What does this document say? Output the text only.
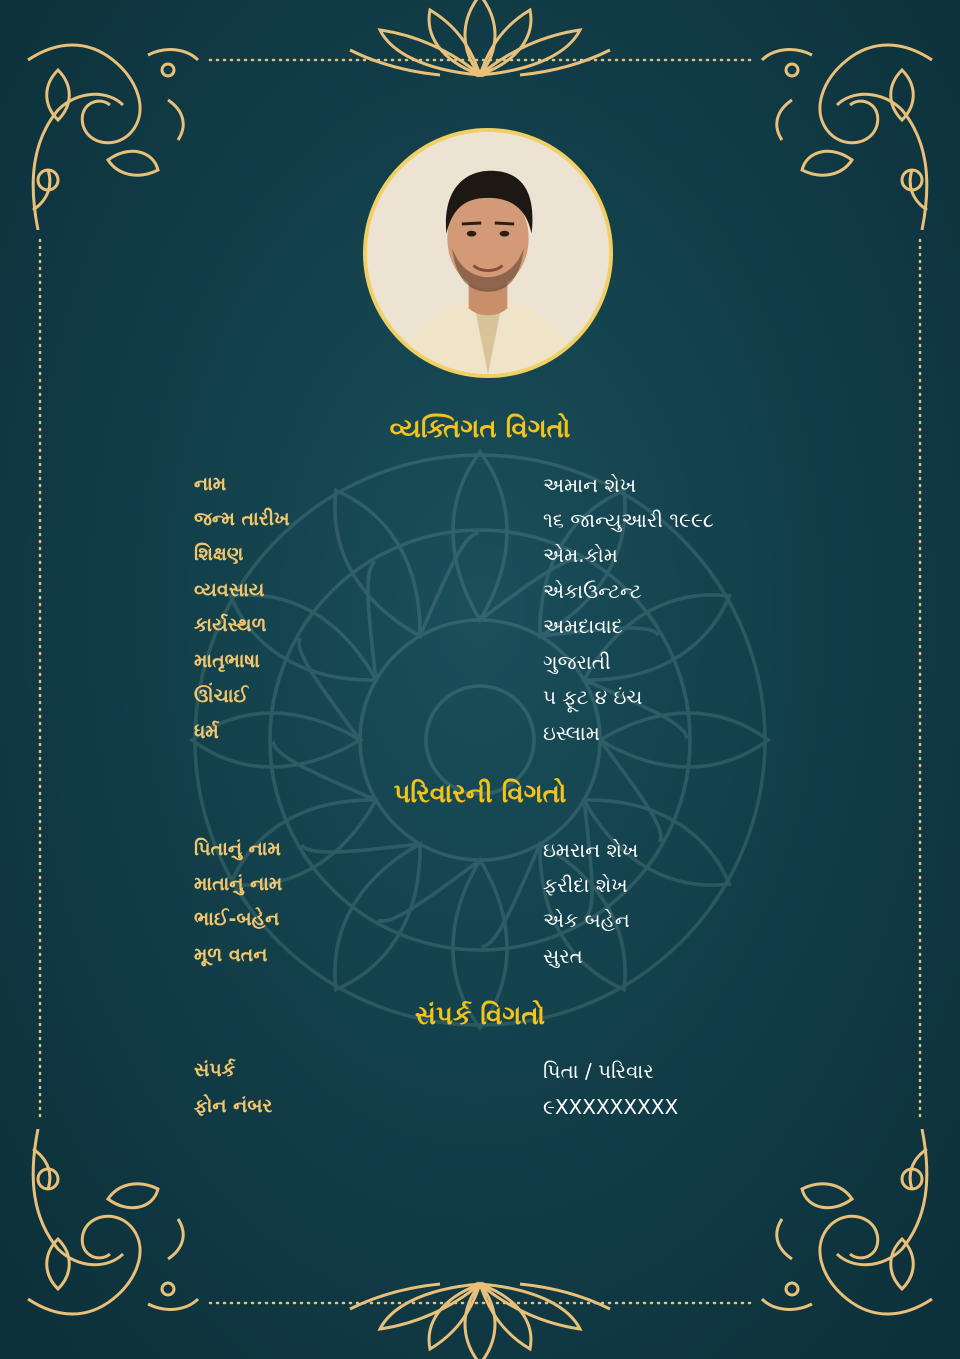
વ્યક્તિગત વિગતો
નામ	અમાન શેખ
જન્મ તારીખ	૧૬ જાન્યુઆરી ૧૯૯૮
શિક્ષણ	એમ.કોમ
વ્યવસાય	એકાઉન્ટન્ટ
કાર્યસ્થળ	અમદાવાદ
માતૃભાષા	ગુજરાતી
ઊંચાઈ	૫ ફૂટ ૪ ઇંચ
ધર્મ	ઇસ્લામ
પરિવારની વિગતો
પિતાનું નામ	ઇમરાન શેખ
માતાનું નામ	ફરીદા શેખ
ભાઈ-બહેન	એક બહેન
મૂળ વતન	સુરત
સંપર્ક વિગતો
સંપર્ક	પિતા / પરિવાર
ફોન નંબર	૯XXXXXXXXX
